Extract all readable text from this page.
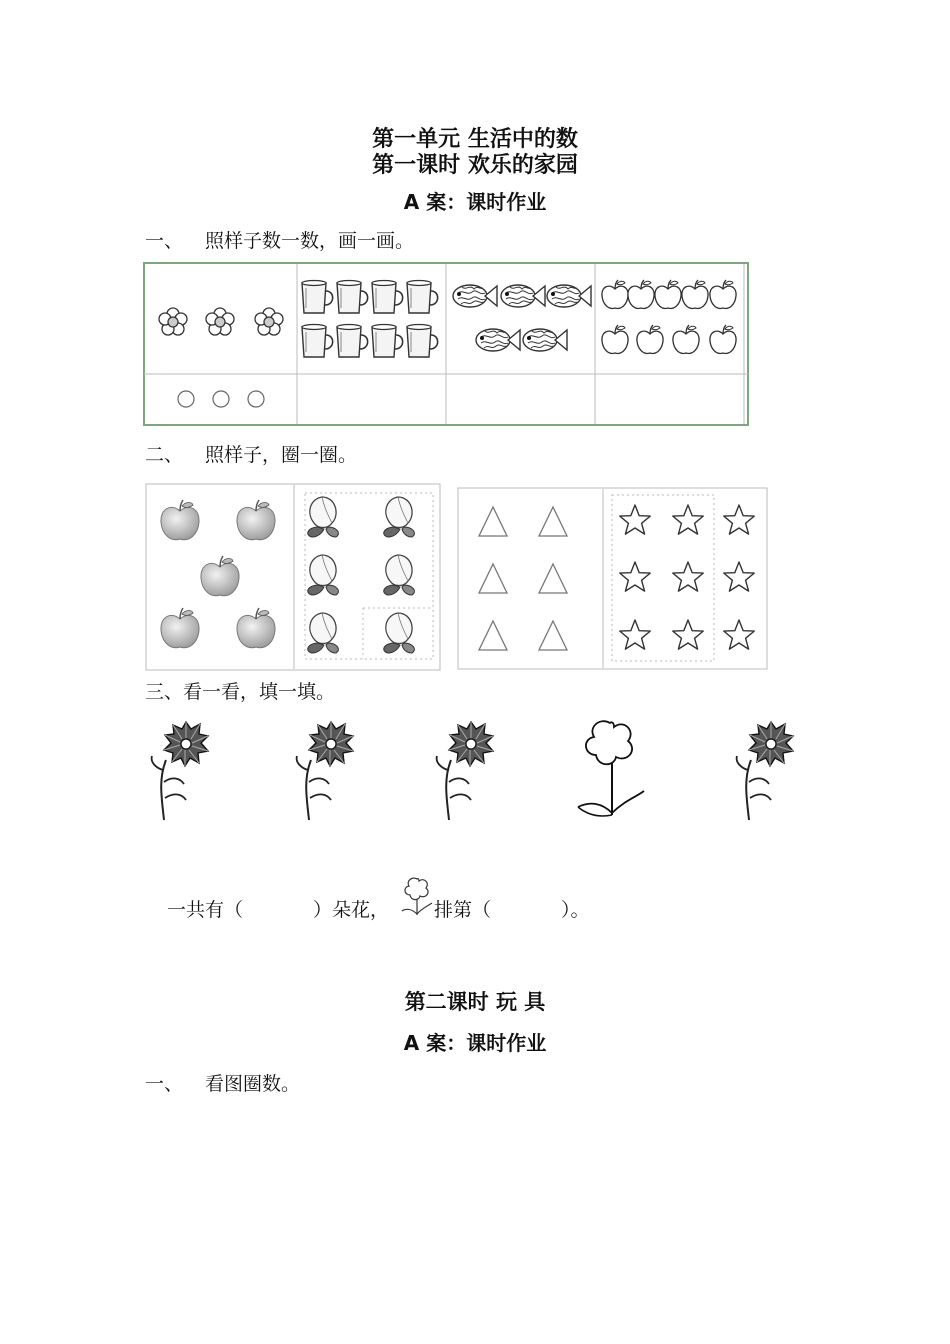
第一单元 生活中的数
第一课时 欢乐的家园
A 案：课时作业
一、 照样子数一数，画一画。
二、 照样子，圈一圈。
三、看一看，填一填。
一共有（	）朵花， 排第（	）。
第二课时 玩 具
A 案：课时作业
一、 看图圈数。
